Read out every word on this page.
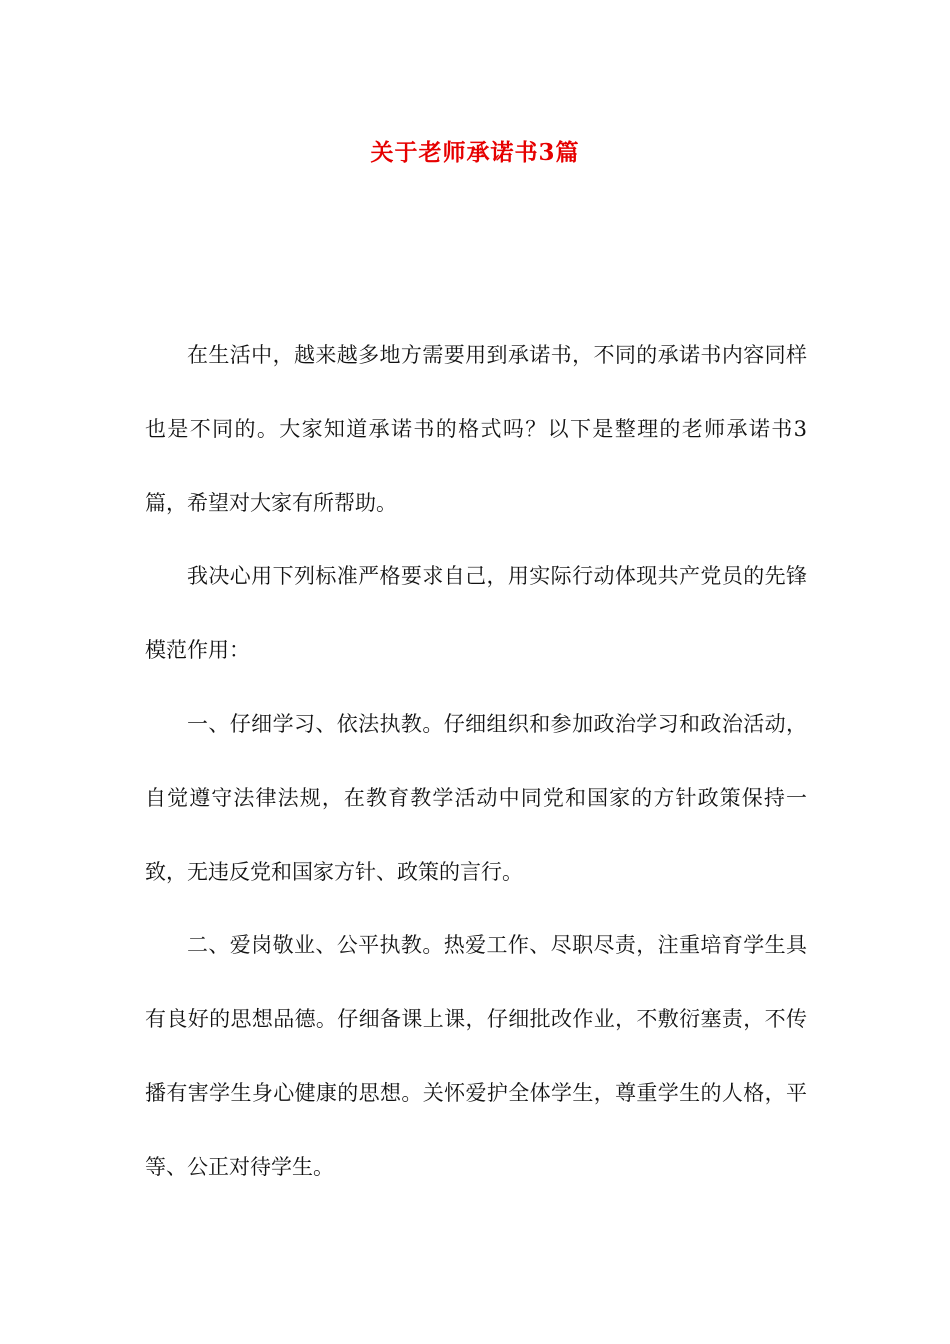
关于老师承诺书3篇

在生活中，越来越多地方需要用到承诺书，不同的承诺书内容同样也是不同的。大家知道承诺书的格式吗？以下是整理的老师承诺书3篇，希望对大家有所帮助。

我决心用下列标准严格要求自己，用实际行动体现共产党员的先锋模范作用：

一、仔细学习、依法执教。仔细组织和参加政治学习和政治活动，自觉遵守法律法规，在教育教学活动中同党和国家的方针政策保持一致，无违反党和国家方针、政策的言行。

二、爱岗敬业、公平执教。热爱工作、尽职尽责，注重培育学生具有良好的思想品德。仔细备课上课，仔细批改作业，不敷衍塞责，不传播有害学生身心健康的思想。关怀爱护全体学生，尊重学生的人格，平等、公正对待学生。
